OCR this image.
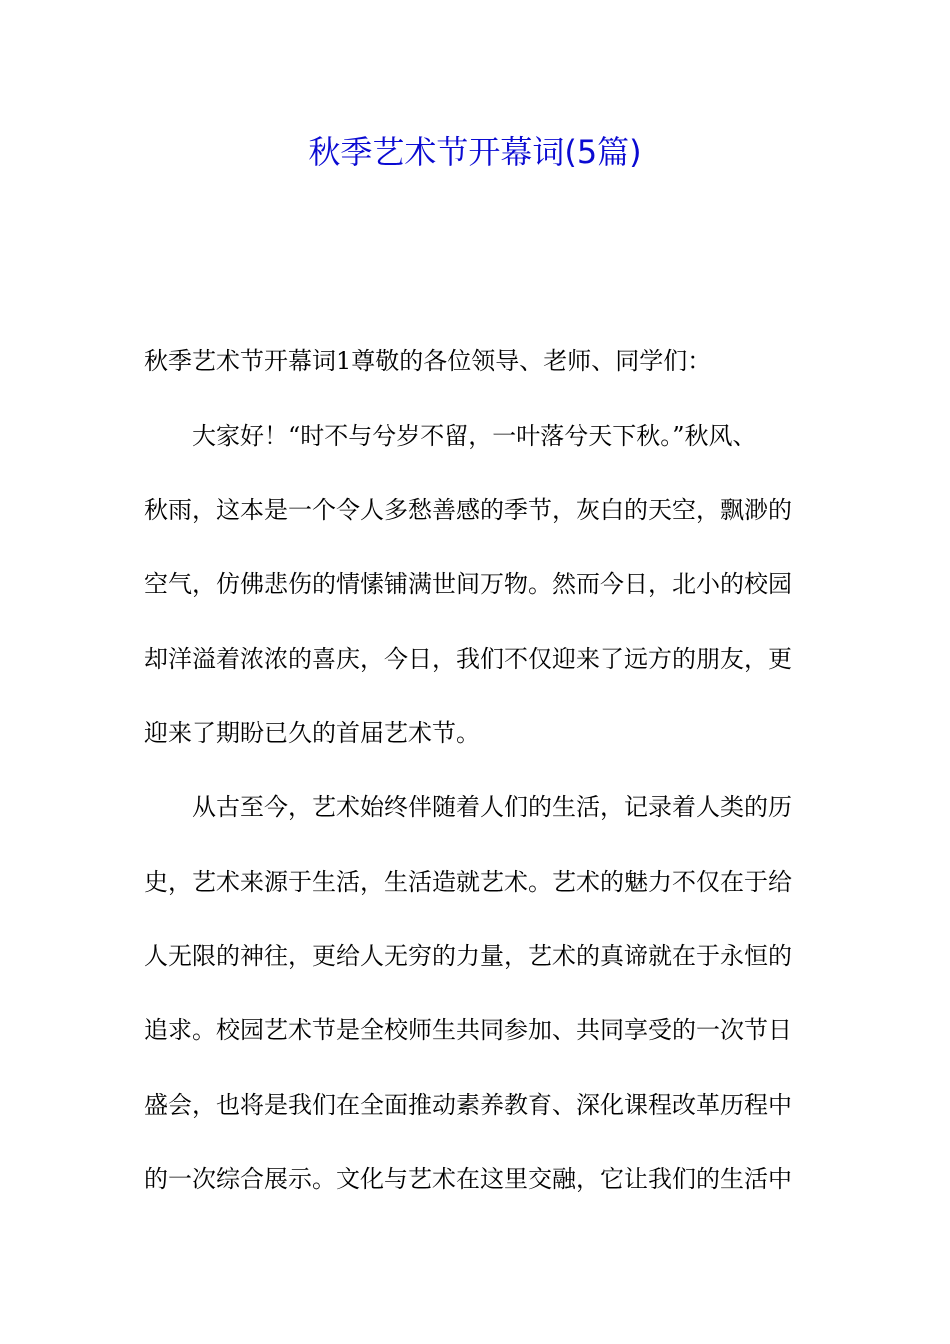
秋季艺术节开幕词(5篇)
秋季艺术节开幕词1尊敬的各位领导、老师、同学们：
大家好！“时不与兮岁不留，一叶落兮天下秋。”秋风、
秋雨，这本是一个令人多愁善感的季节，灰白的天空，飘渺的
空气，仿佛悲伤的情愫铺满世间万物。然而今日，北小的校园
却洋溢着浓浓的喜庆，今日，我们不仅迎来了远方的朋友，更
迎来了期盼已久的首届艺术节。
从古至今，艺术始终伴随着人们的生活，记录着人类的历
史，艺术来源于生活，生活造就艺术。艺术的魅力不仅在于给
人无限的神往，更给人无穷的力量，艺术的真谛就在于永恒的
追求。校园艺术节是全校师生共同参加、共同享受的一次节日
盛会，也将是我们在全面推动素养教育、深化课程改革历程中
的一次综合展示。文化与艺术在这里交融，它让我们的生活中
